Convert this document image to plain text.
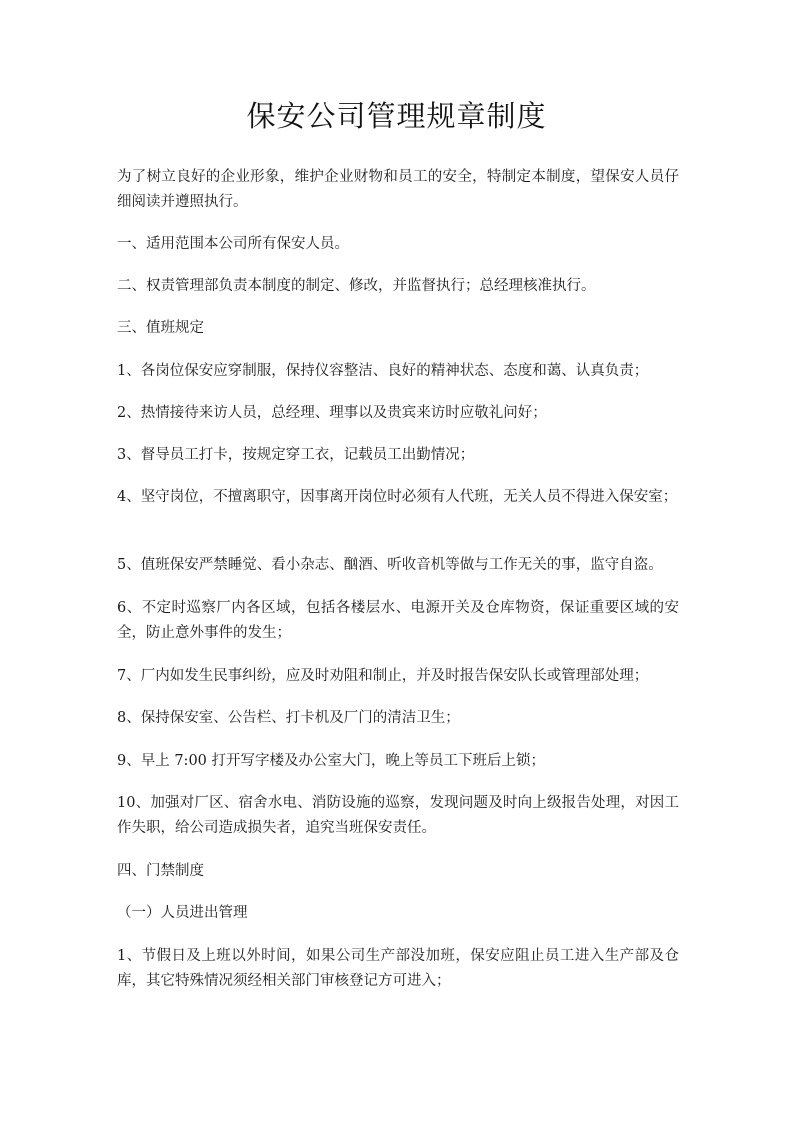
保安公司管理规章制度

为了树立良好的企业形象，维护企业财物和员工的安全，特制定本制度，望保安人员仔细阅读并遵照执行。

一、适用范围本公司所有保安人员。

二、权责管理部负责本制度的制定、修改，并监督执行；总经理核准执行。

三、值班规定

1、各岗位保安应穿制服，保持仪容整洁、良好的精神状态、态度和蔼、认真负责；

2、热情接待来访人员，总经理、理事以及贵宾来访时应敬礼问好；

3、督导员工打卡，按规定穿工衣，记载员工出勤情况；

4、坚守岗位，不擅离职守，因事离开岗位时必须有人代班，无关人员不得进入保安室；

5、值班保安严禁睡觉、看小杂志、酗酒、听收音机等做与工作无关的事，监守自盗。

6、不定时巡察厂内各区域，包括各楼层水、电源开关及仓库物资，保证重要区域的安全，防止意外事件的发生；

7、厂内如发生民事纠纷，应及时劝阻和制止，并及时报告保安队长或管理部处理；

8、保持保安室、公告栏、打卡机及厂门的清洁卫生；

9、早上 7:00 打开写字楼及办公室大门，晚上等员工下班后上锁；

10、加强对厂区、宿舍水电、消防设施的巡察，发现问题及时向上级报告处理，对因工作失职，给公司造成损失者，追究当班保安责任。

四、门禁制度

（一）人员进出管理

1、节假日及上班以外时间，如果公司生产部没加班，保安应阻止员工进入生产部及仓库，其它特殊情况须经相关部门审核登记方可进入；
